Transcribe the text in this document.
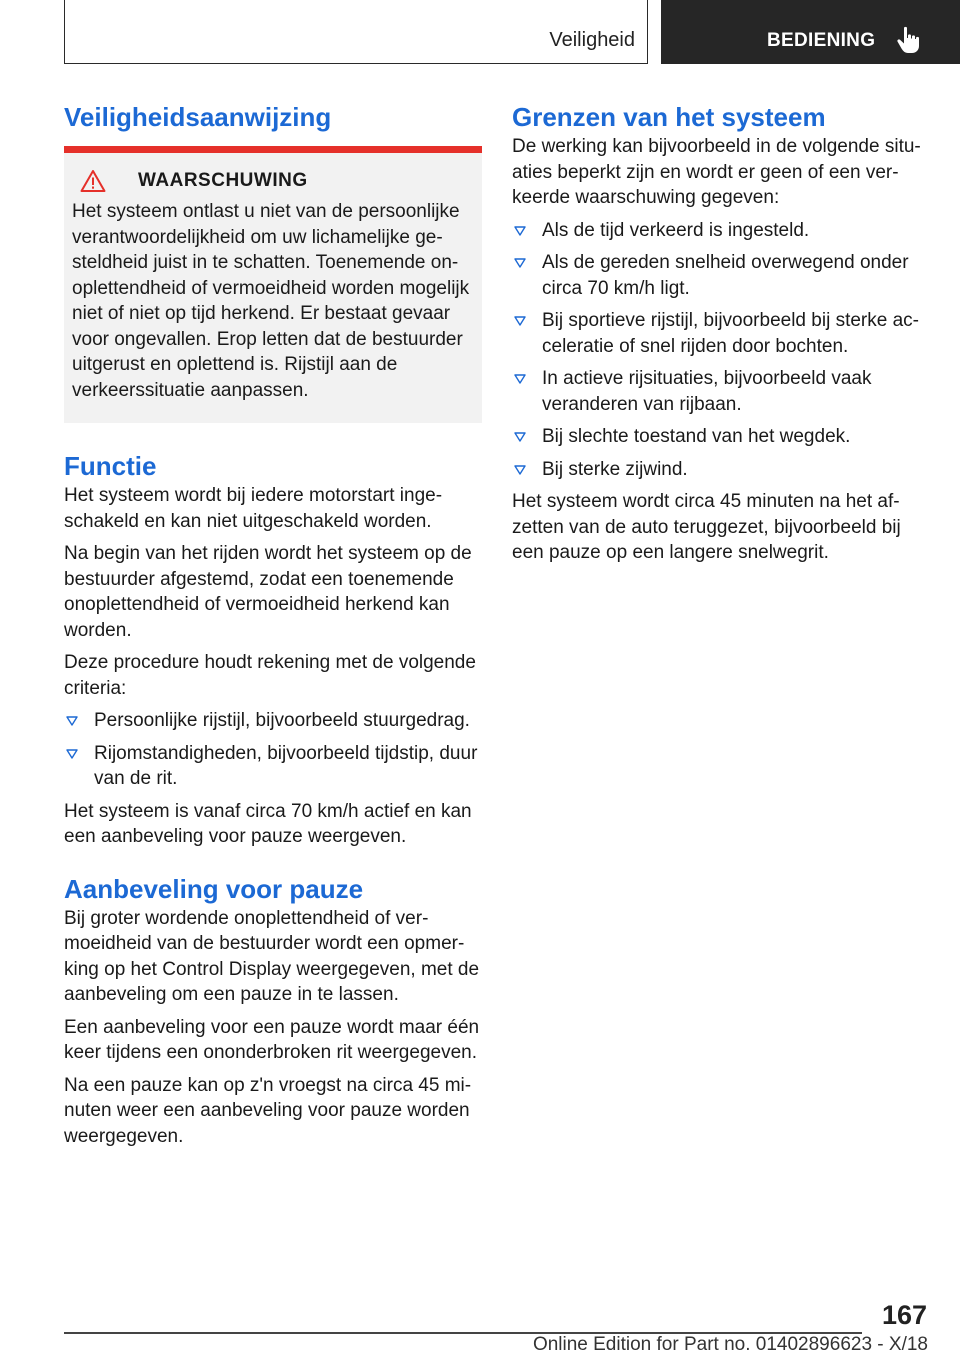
Veiligheid	BEDIENING
Veiligheidsaanwijzing
WAARSCHUWING

Het systeem ontlast u niet van de persoonlijke verantwoordelijkheid om uw lichamelijke gesteldheid juist in te schatten. Toenemende onoplettendheid of vermoeidheid worden mogelijk niet of niet op tijd herkend. Er bestaat gevaar voor ongevallen. Erop letten dat de bestuurder uitgerust en oplettend is. Rijstijl aan de verkeerssituatie aanpassen.

Functie

Het systeem wordt bij iedere motorstart ingeschakeld en kan niet uitgeschakeld worden.

Na begin van het rijden wordt het systeem op de bestuurder afgestemd, zodat een toenemende onoplettendheid of vermoeidheid herkend kan worden.

Deze procedure houdt rekening met de volgende criteria:

Persoonlijke rijstijl, bijvoorbeeld stuurgedrag.
Rijomstandigheden, bijvoorbeeld tijdstip, duur van de rit.

Het systeem is vanaf circa 70 km/h actief en kan een aanbeveling voor pauze weergeven.

Aanbeveling voor pauze

Bij groter wordende onoplettendheid of vermoeidheid van de bestuurder wordt een opmerking op het Control Display weergegeven, met de aanbeveling om een pauze in te lassen.

Een aanbeveling voor een pauze wordt maar één keer tijdens een ononderbroken rit weergegeven.

Na een pauze kan op z'n vroegst na circa 45 minuten weer een aanbeveling voor pauze worden weergegeven.

Grenzen van het systeem

De werking kan bijvoorbeeld in de volgende situaties beperkt zijn en wordt er geen of een verkeerde waarschuwing gegeven:

Als de tijd verkeerd is ingesteld.
Als de gereden snelheid overwegend onder circa 70 km/h ligt.
Bij sportieve rijstijl, bijvoorbeeld bij sterke acceleratie of snel rijden door bochten.
In actieve rijsituaties, bijvoorbeeld vaak veranderen van rijbaan.
Bij slechte toestand van het wegdek.
Bij sterke zijwind.

Het systeem wordt circa 45 minuten na het afzetten van de auto teruggezet, bijvoorbeeld bij een pauze op een langere snelwegrit.

167
Online Edition for Part no. 01402896623 - X/18
